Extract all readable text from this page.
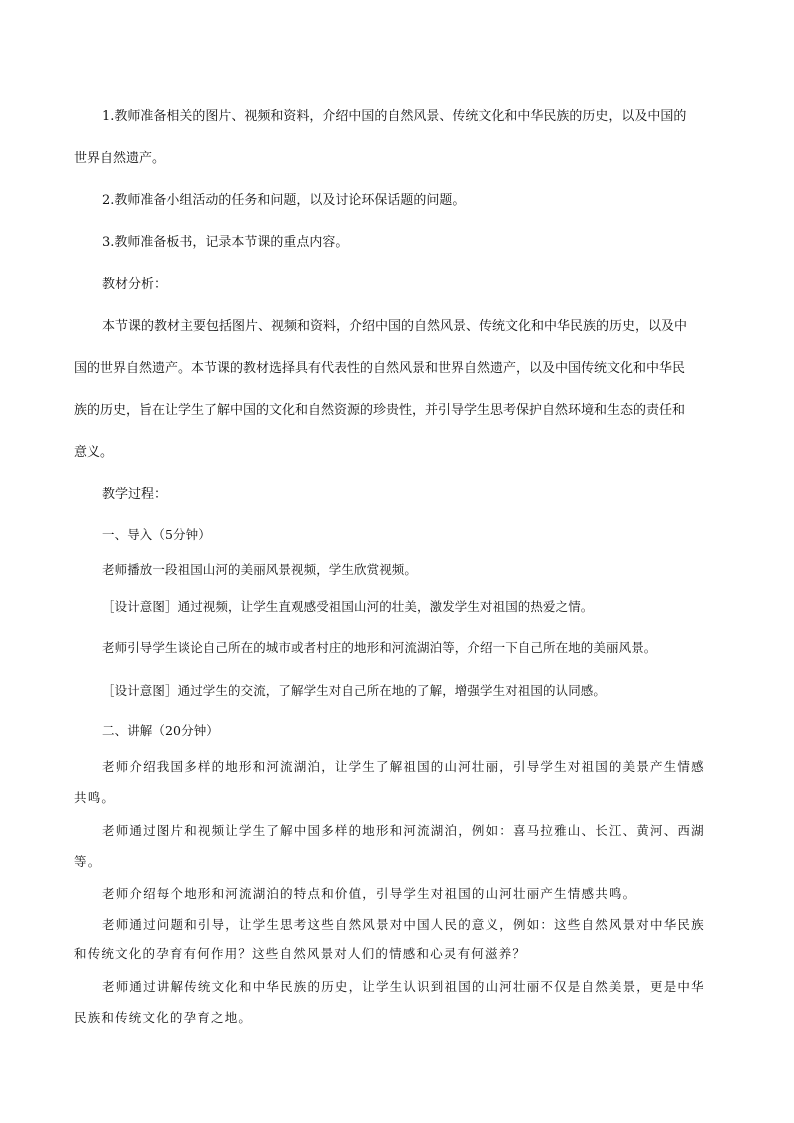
1.教师准备相关的图片、视频和资料，介绍中国的自然风景、传统文化和中华民族的历史，以及中国的

世界自然遗产。

2.教师准备小组活动的任务和问题，以及讨论环保话题的问题。

3.教师准备板书，记录本节课的重点内容。

教材分析：

本节课的教材主要包括图片、视频和资料，介绍中国的自然风景、传统文化和中华民族的历史，以及中

国的世界自然遗产。本节课的教材选择具有代表性的自然风景和世界自然遗产，以及中国传统文化和中华民

族的历史，旨在让学生了解中国的文化和自然资源的珍贵性，并引导学生思考保护自然环境和生态的责任和

意义。

教学过程：

一、导入（5分钟）

老师播放一段祖国山河的美丽风景视频，学生欣赏视频。

［设计意图］通过视频，让学生直观感受祖国山河的壮美，激发学生对祖国的热爱之情。

老师引导学生谈论自己所在的城市或者村庄的地形和河流湖泊等，介绍一下自己所在地的美丽风景。

［设计意图］通过学生的交流，了解学生对自己所在地的了解，增强学生对祖国的认同感。

二、讲解（20分钟）

老师介绍我国多样的地形和河流湖泊，让学生了解祖国的山河壮丽，引导学生对祖国的美景产生情感

共鸣。

老师通过图片和视频让学生了解中国多样的地形和河流湖泊，例如：喜马拉雅山、长江、黄河、西湖

等。

老师介绍每个地形和河流湖泊的特点和价值，引导学生对祖国的山河壮丽产生情感共鸣。

老师通过问题和引导，让学生思考这些自然风景对中国人民的意义，例如：这些自然风景对中华民族

和传统文化的孕育有何作用？这些自然风景对人们的情感和心灵有何滋养？

老师通过讲解传统文化和中华民族的历史，让学生认识到祖国的山河壮丽不仅是自然美景，更是中华

民族和传统文化的孕育之地。
